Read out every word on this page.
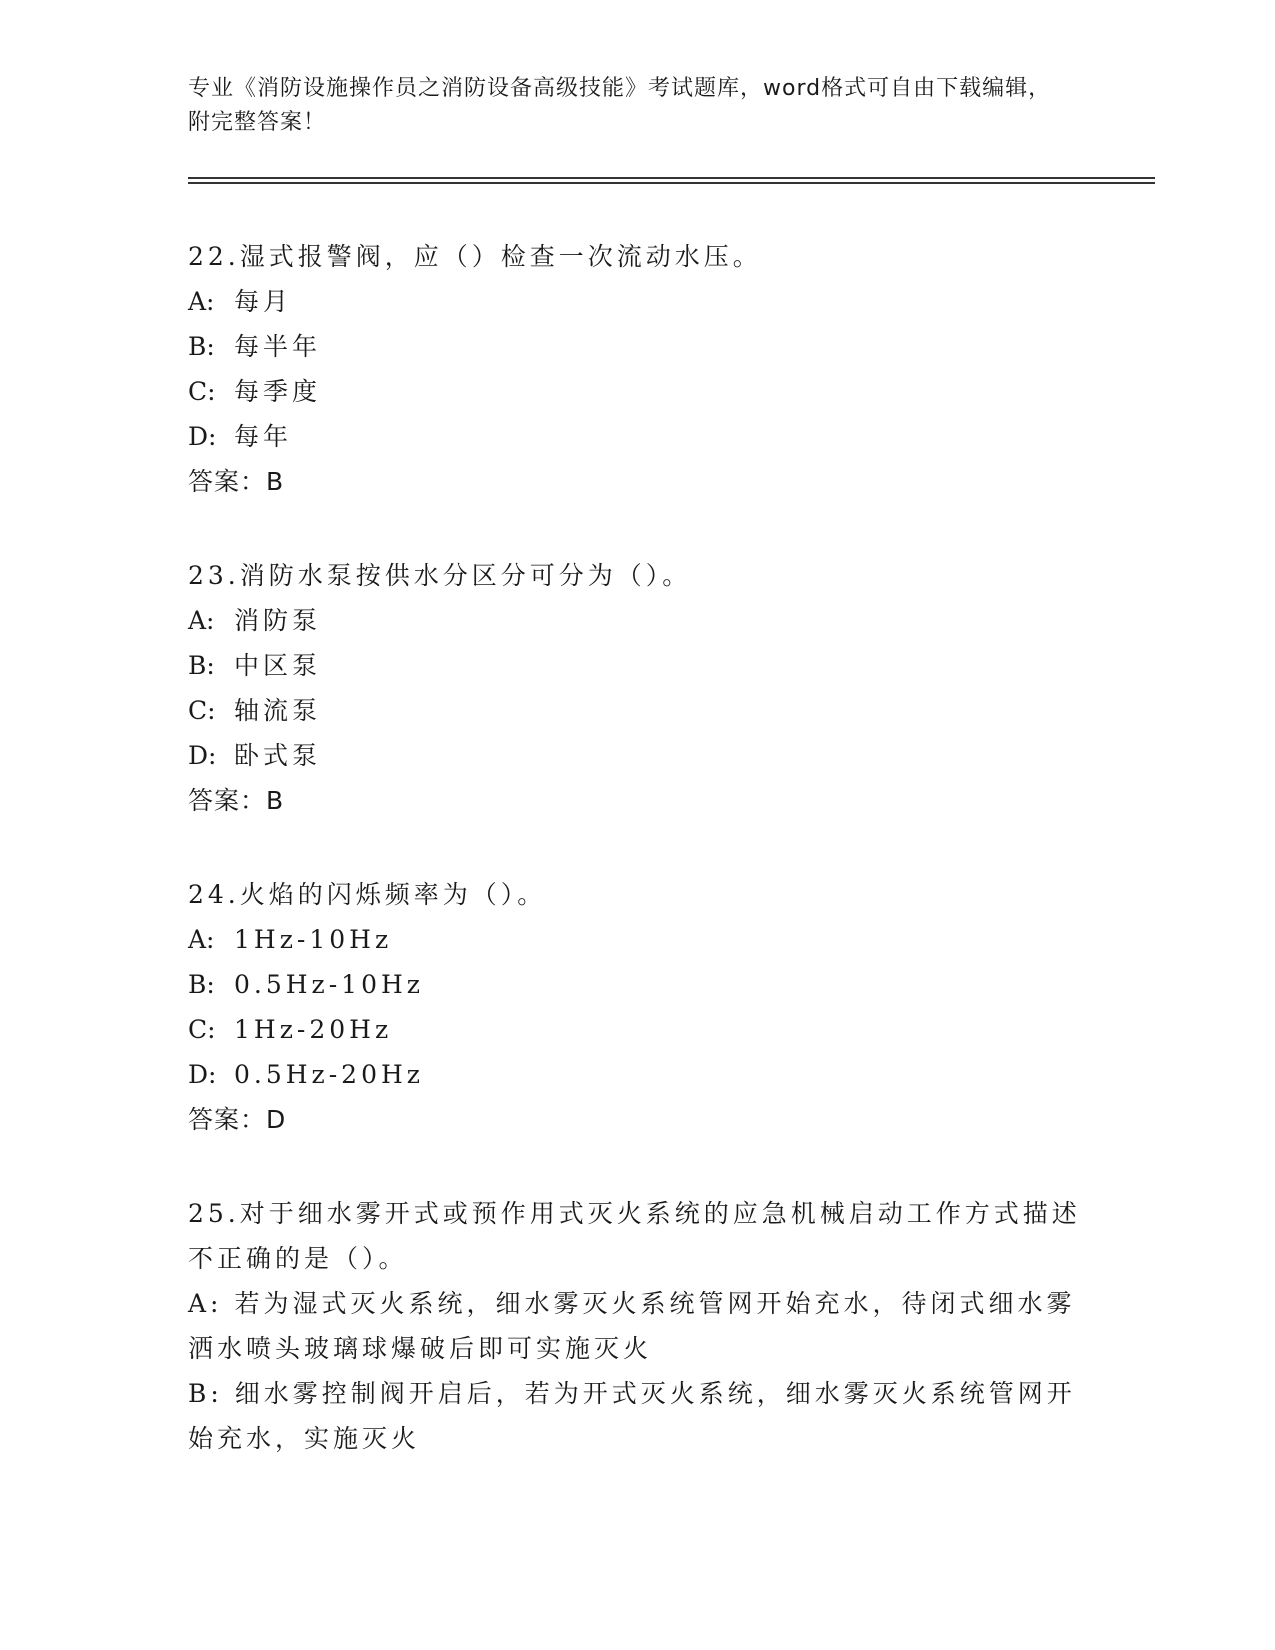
专业《消防设施操作员之消防设备高级技能》考试题库，word格式可自由下载编辑，附完整答案！

22.湿式报警阀，应（）检查一次流动水压。

A: 每月

B: 每半年

C: 每季度

D: 每年

答案：B

23.消防水泵按供水分区分可分为（）。

A: 消防泵

B: 中区泵

C: 轴流泵

D: 卧式泵

答案：B

24.火焰的闪烁频率为（）。

A: 1Hz-10Hz

B: 0.5Hz-10Hz

C: 1Hz-20Hz

D: 0.5Hz-20Hz

答案：D

25.对于细水雾开式或预作用式灭火系统的应急机械启动工作方式描述不正确的是（）。

A: 若为湿式灭火系统，细水雾灭火系统管网开始充水，待闭式细水雾洒水喷头玻璃球爆破后即可实施灭火

B: 细水雾控制阀开启后，若为开式灭火系统，细水雾灭火系统管网开始充水，实施灭火
